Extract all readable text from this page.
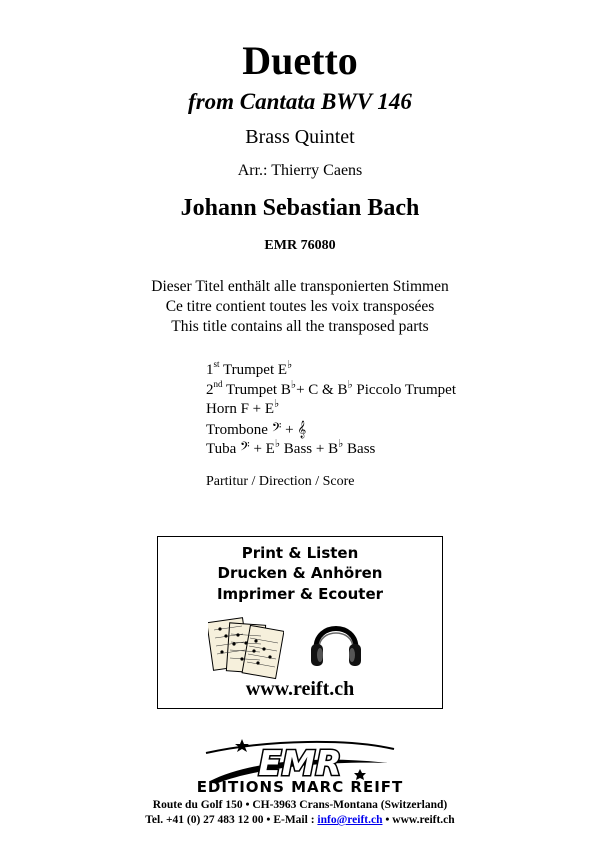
Duetto
from Cantata BWV 146
Brass Quintet
Arr.: Thierry Caens
Johann Sebastian Bach
EMR 76080
Dieser Titel enthält alle transponierten Stimmen
Ce titre contient toutes les voix transposées
This title contains all the transposed parts
1st Trumpet E♭
2nd Trumpet B♭+ C & B♭ Piccolo Trumpet
Horn F + E♭
Trombone 𝄢 + 𝄞
Tuba 𝄢 + E♭ Bass + B♭ Bass
Partitur / Direction / Score
Print & Listen
Drucken & Anhören
Imprimer & Ecouter
www.reift.ch
EMR
EDITIONS MARC REIFT
Route du Golf 150 • CH-3963 Crans-Montana (Switzerland)
Tel. +41 (0) 27 483 12 00 • E-Mail : info@reift.ch • www.reift.ch
